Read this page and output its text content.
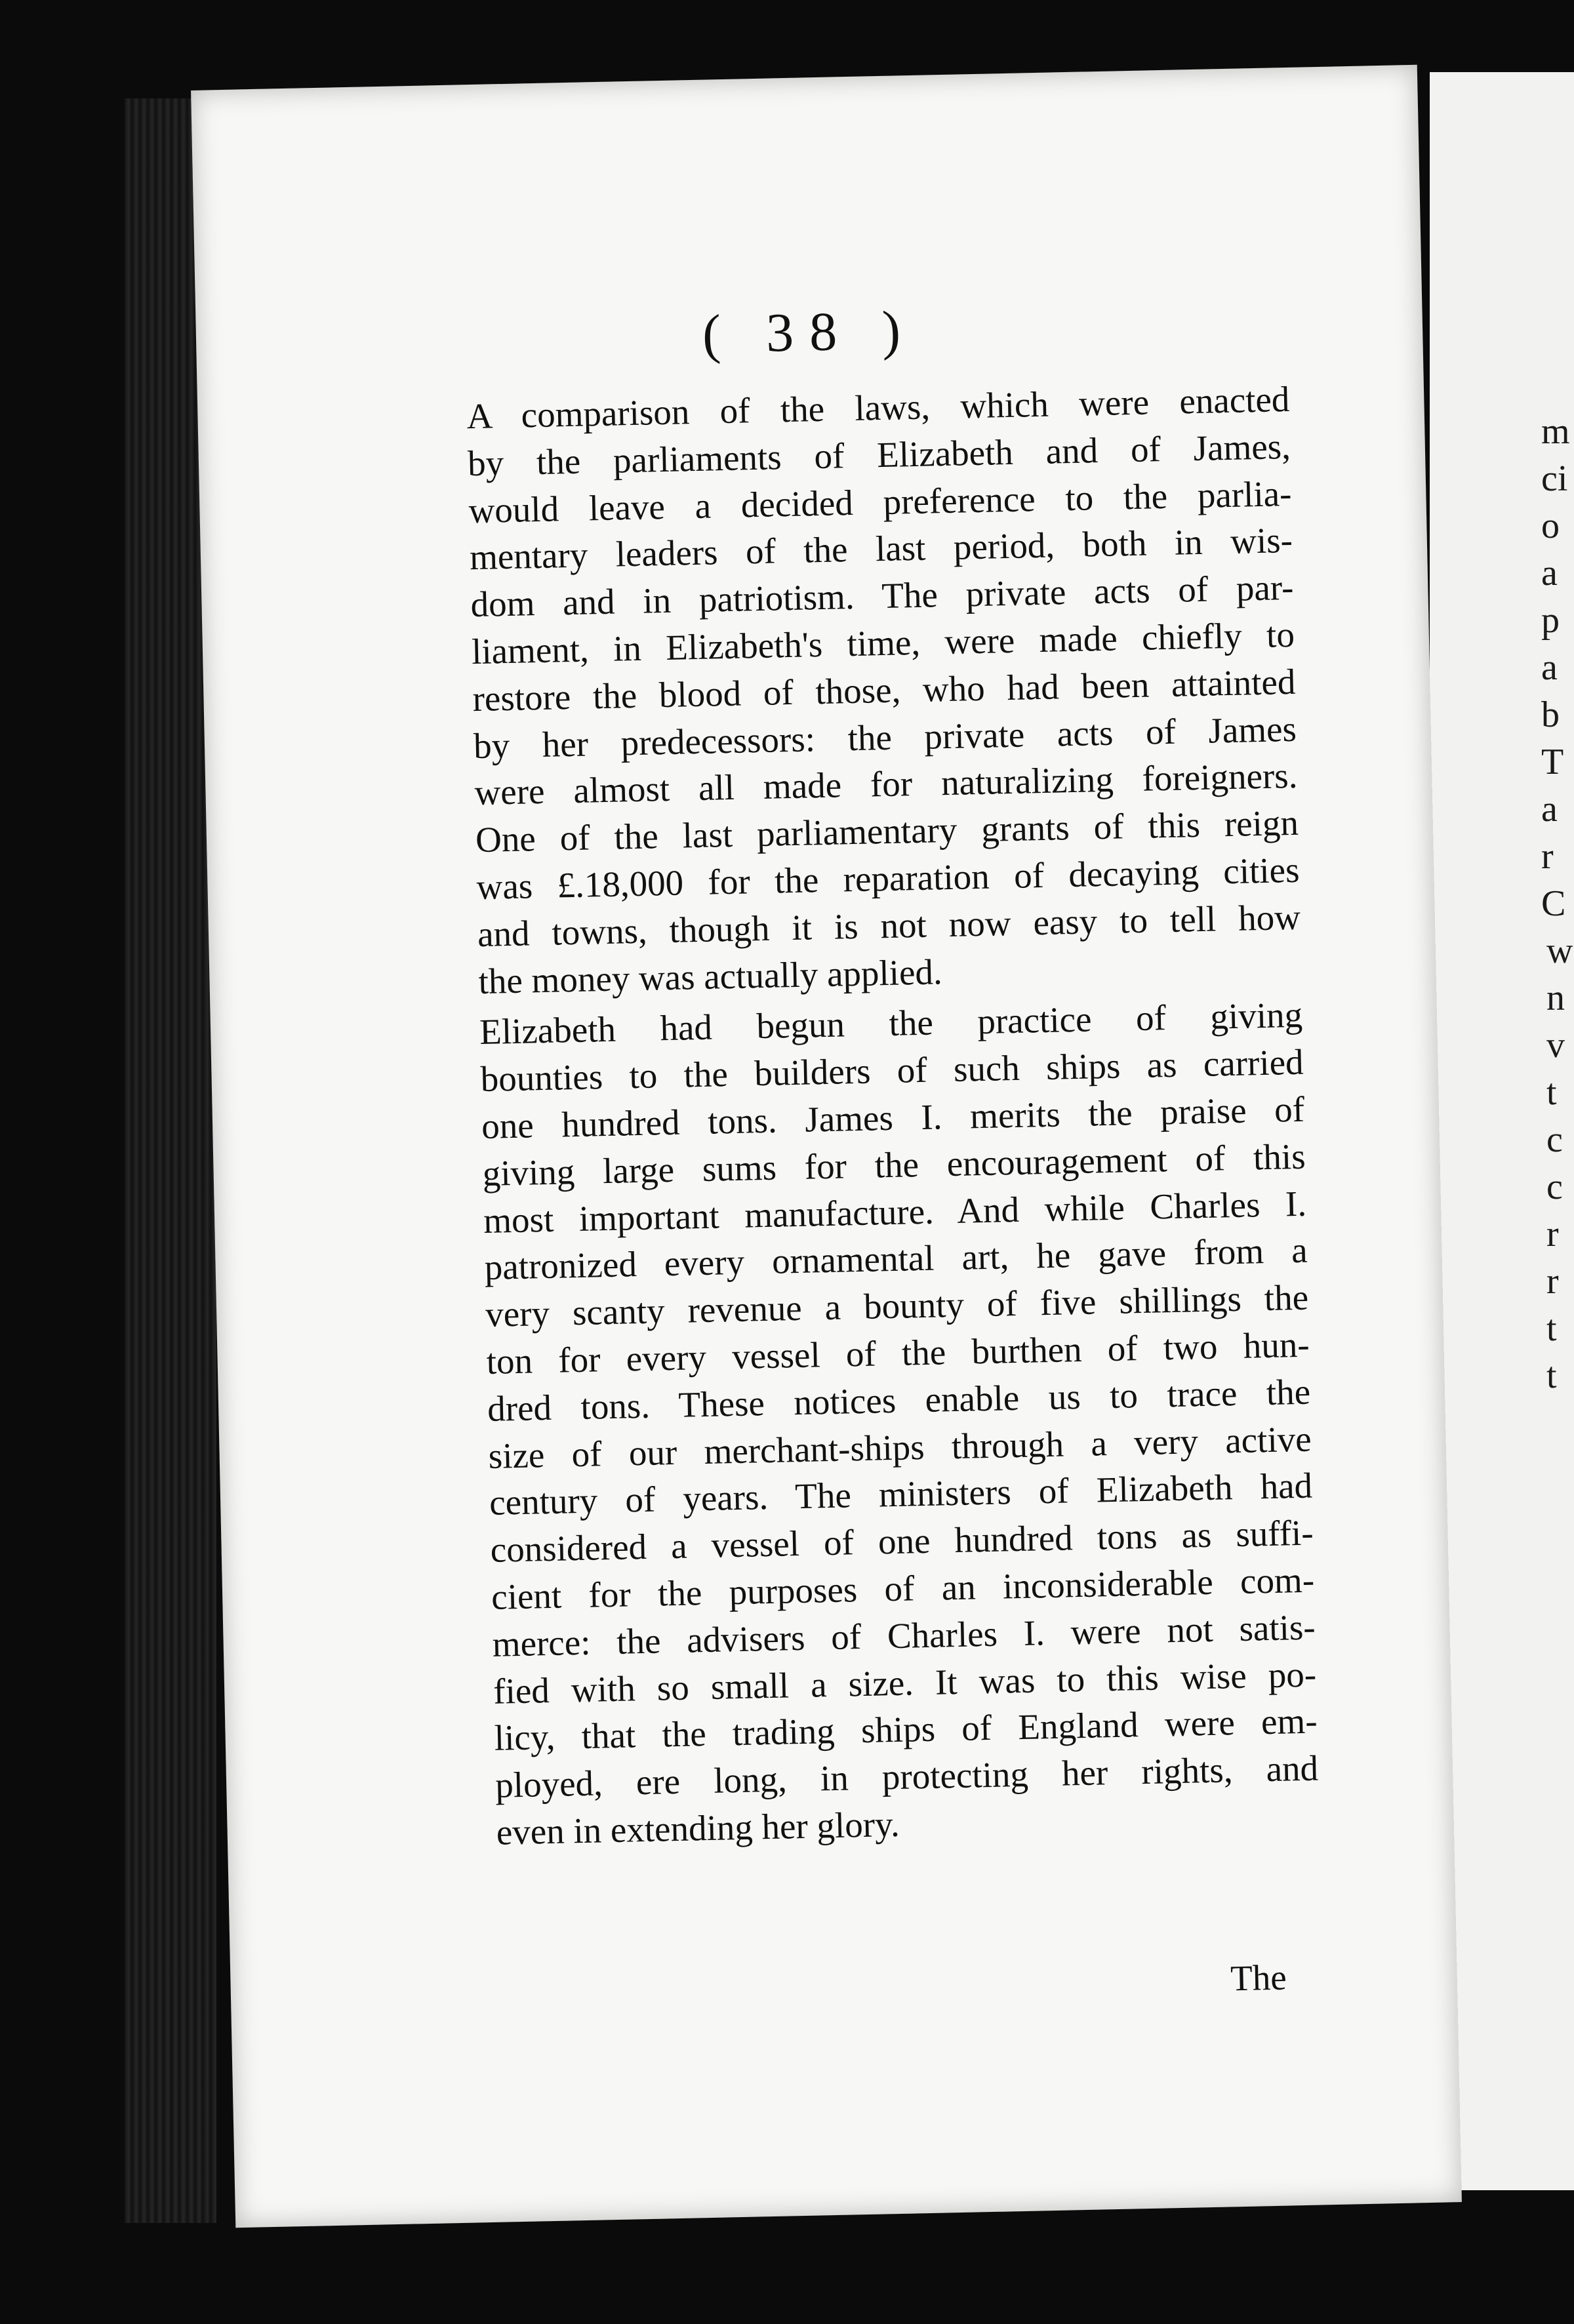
m
ci
o
a
p
a
b
T
a
r
C
w
n
v
t
c
c
r
r
t
t
( 38 )
A comparison of the laws, which were enacted
by the parliaments of Elizabeth and of James,
would leave a decided preference to the parlia-
mentary leaders of the last period, both in wis-
dom and in patriotism. The private acts of par-
liament, in Elizabeth's time, were made chiefly to
restore the blood of those, who had been attainted
by her predecessors: the private acts of James
were almost all made for naturalizing foreigners.
One of the last parliamentary grants of this reign
was £.18,000 for the reparation of decaying cities
and towns, though it is not now easy to tell how
the money was actually applied.
Elizabeth had begun the practice of giving
bounties to the builders of such ships as carried
one hundred tons. James I. merits the praise of
giving large sums for the encouragement of this
most important manufacture. And while Charles I.
patronized every ornamental art, he gave from a
very scanty revenue a bounty of five shillings the
ton for every vessel of the burthen of two hun-
dred tons. These notices enable us to trace the
size of our merchant-ships through a very active
century of years. The ministers of Elizabeth had
considered a vessel of one hundred tons as suffi-
cient for the purposes of an inconsiderable com-
merce: the advisers of Charles I. were not satis-
fied with so small a size. It was to this wise po-
licy, that the trading ships of England were em-
ployed, ere long, in protecting her rights, and
even in extending her glory.
The
